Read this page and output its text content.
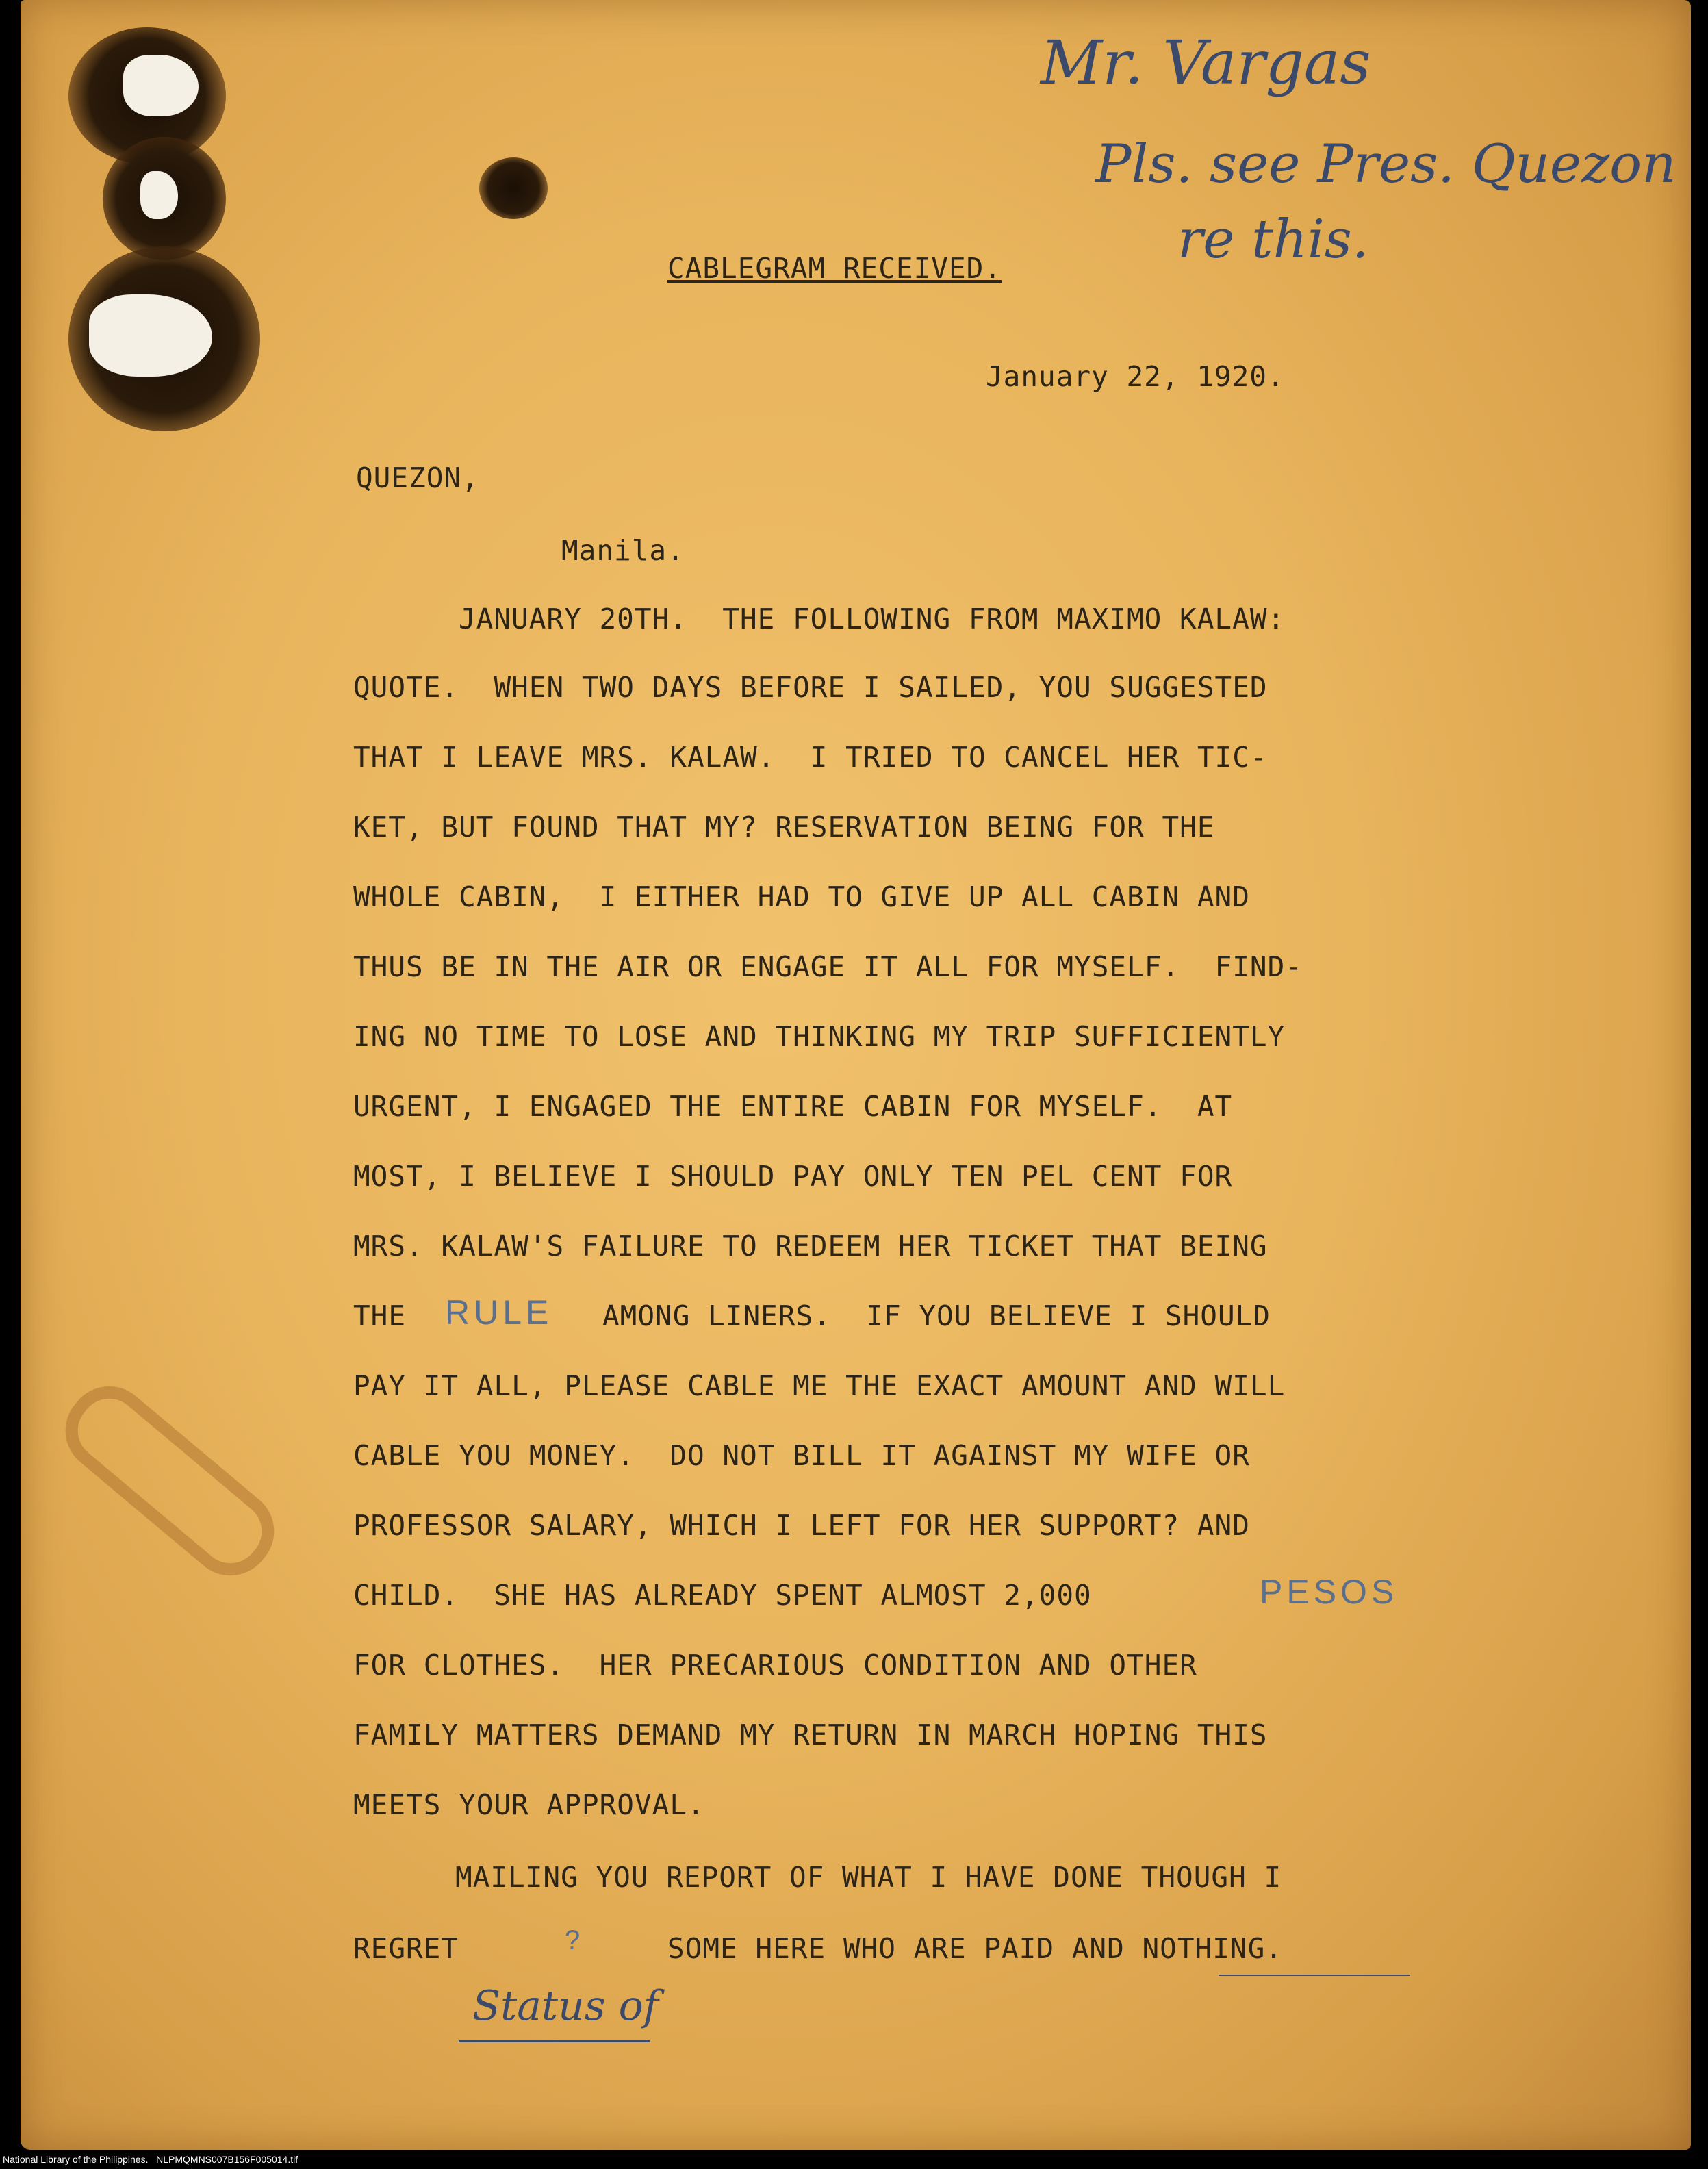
Mr. Vargas
Pls. see Pres. Quezon
re this.
CABLEGRAM RECEIVED.
January 22, 1920.
QUEZON,
Manila.
JANUARY 20TH.  THE FOLLOWING FROM MAXIMO KALAW:
QUOTE.  WHEN TWO DAYS BEFORE I SAILED, YOU SUGGESTED
THAT I LEAVE MRS. KALAW.  I TRIED TO CANCEL HER TIC-
KET, BUT FOUND THAT MY? RESERVATION BEING FOR THE
WHOLE CABIN,  I EITHER HAD TO GIVE UP ALL CABIN AND
THUS BE IN THE AIR OR ENGAGE IT ALL FOR MYSELF.  FIND-
ING NO TIME TO LOSE AND THINKING MY TRIP SUFFICIENTLY
URGENT, I ENGAGED THE ENTIRE CABIN FOR MYSELF.  AT
MOST, I BELIEVE I SHOULD PAY ONLY TEN PEL CENT FOR
MRS. KALAW'S FAILURE TO REDEEM HER TICKET THAT BEING
THE RULE AMONG LINERS.  IF YOU BELIEVE I SHOULD
PAY IT ALL, PLEASE CABLE ME THE EXACT AMOUNT AND WILL
CABLE YOU MONEY.  DO NOT BILL IT AGAINST MY WIFE OR
PROFESSOR SALARY, WHICH I LEFT FOR HER SUPPORT? AND
CHILD.  SHE HAS ALREADY SPENT ALMOST 2,000	PESOS
FOR CLOTHES.  HER PRECARIOUS CONDITION AND OTHER
FAMILY MATTERS DEMAND MY RETURN IN MARCH HOPING THIS
MEETS YOUR APPROVAL.
MAILING YOU REPORT OF WHAT I HAVE DONE THOUGH I
REGRET	?	SOME HERE WHO ARE PAID AND NOTHING.
Status of
National Library of the Philippines.   NLPMQMNS007B156F005014.tif
